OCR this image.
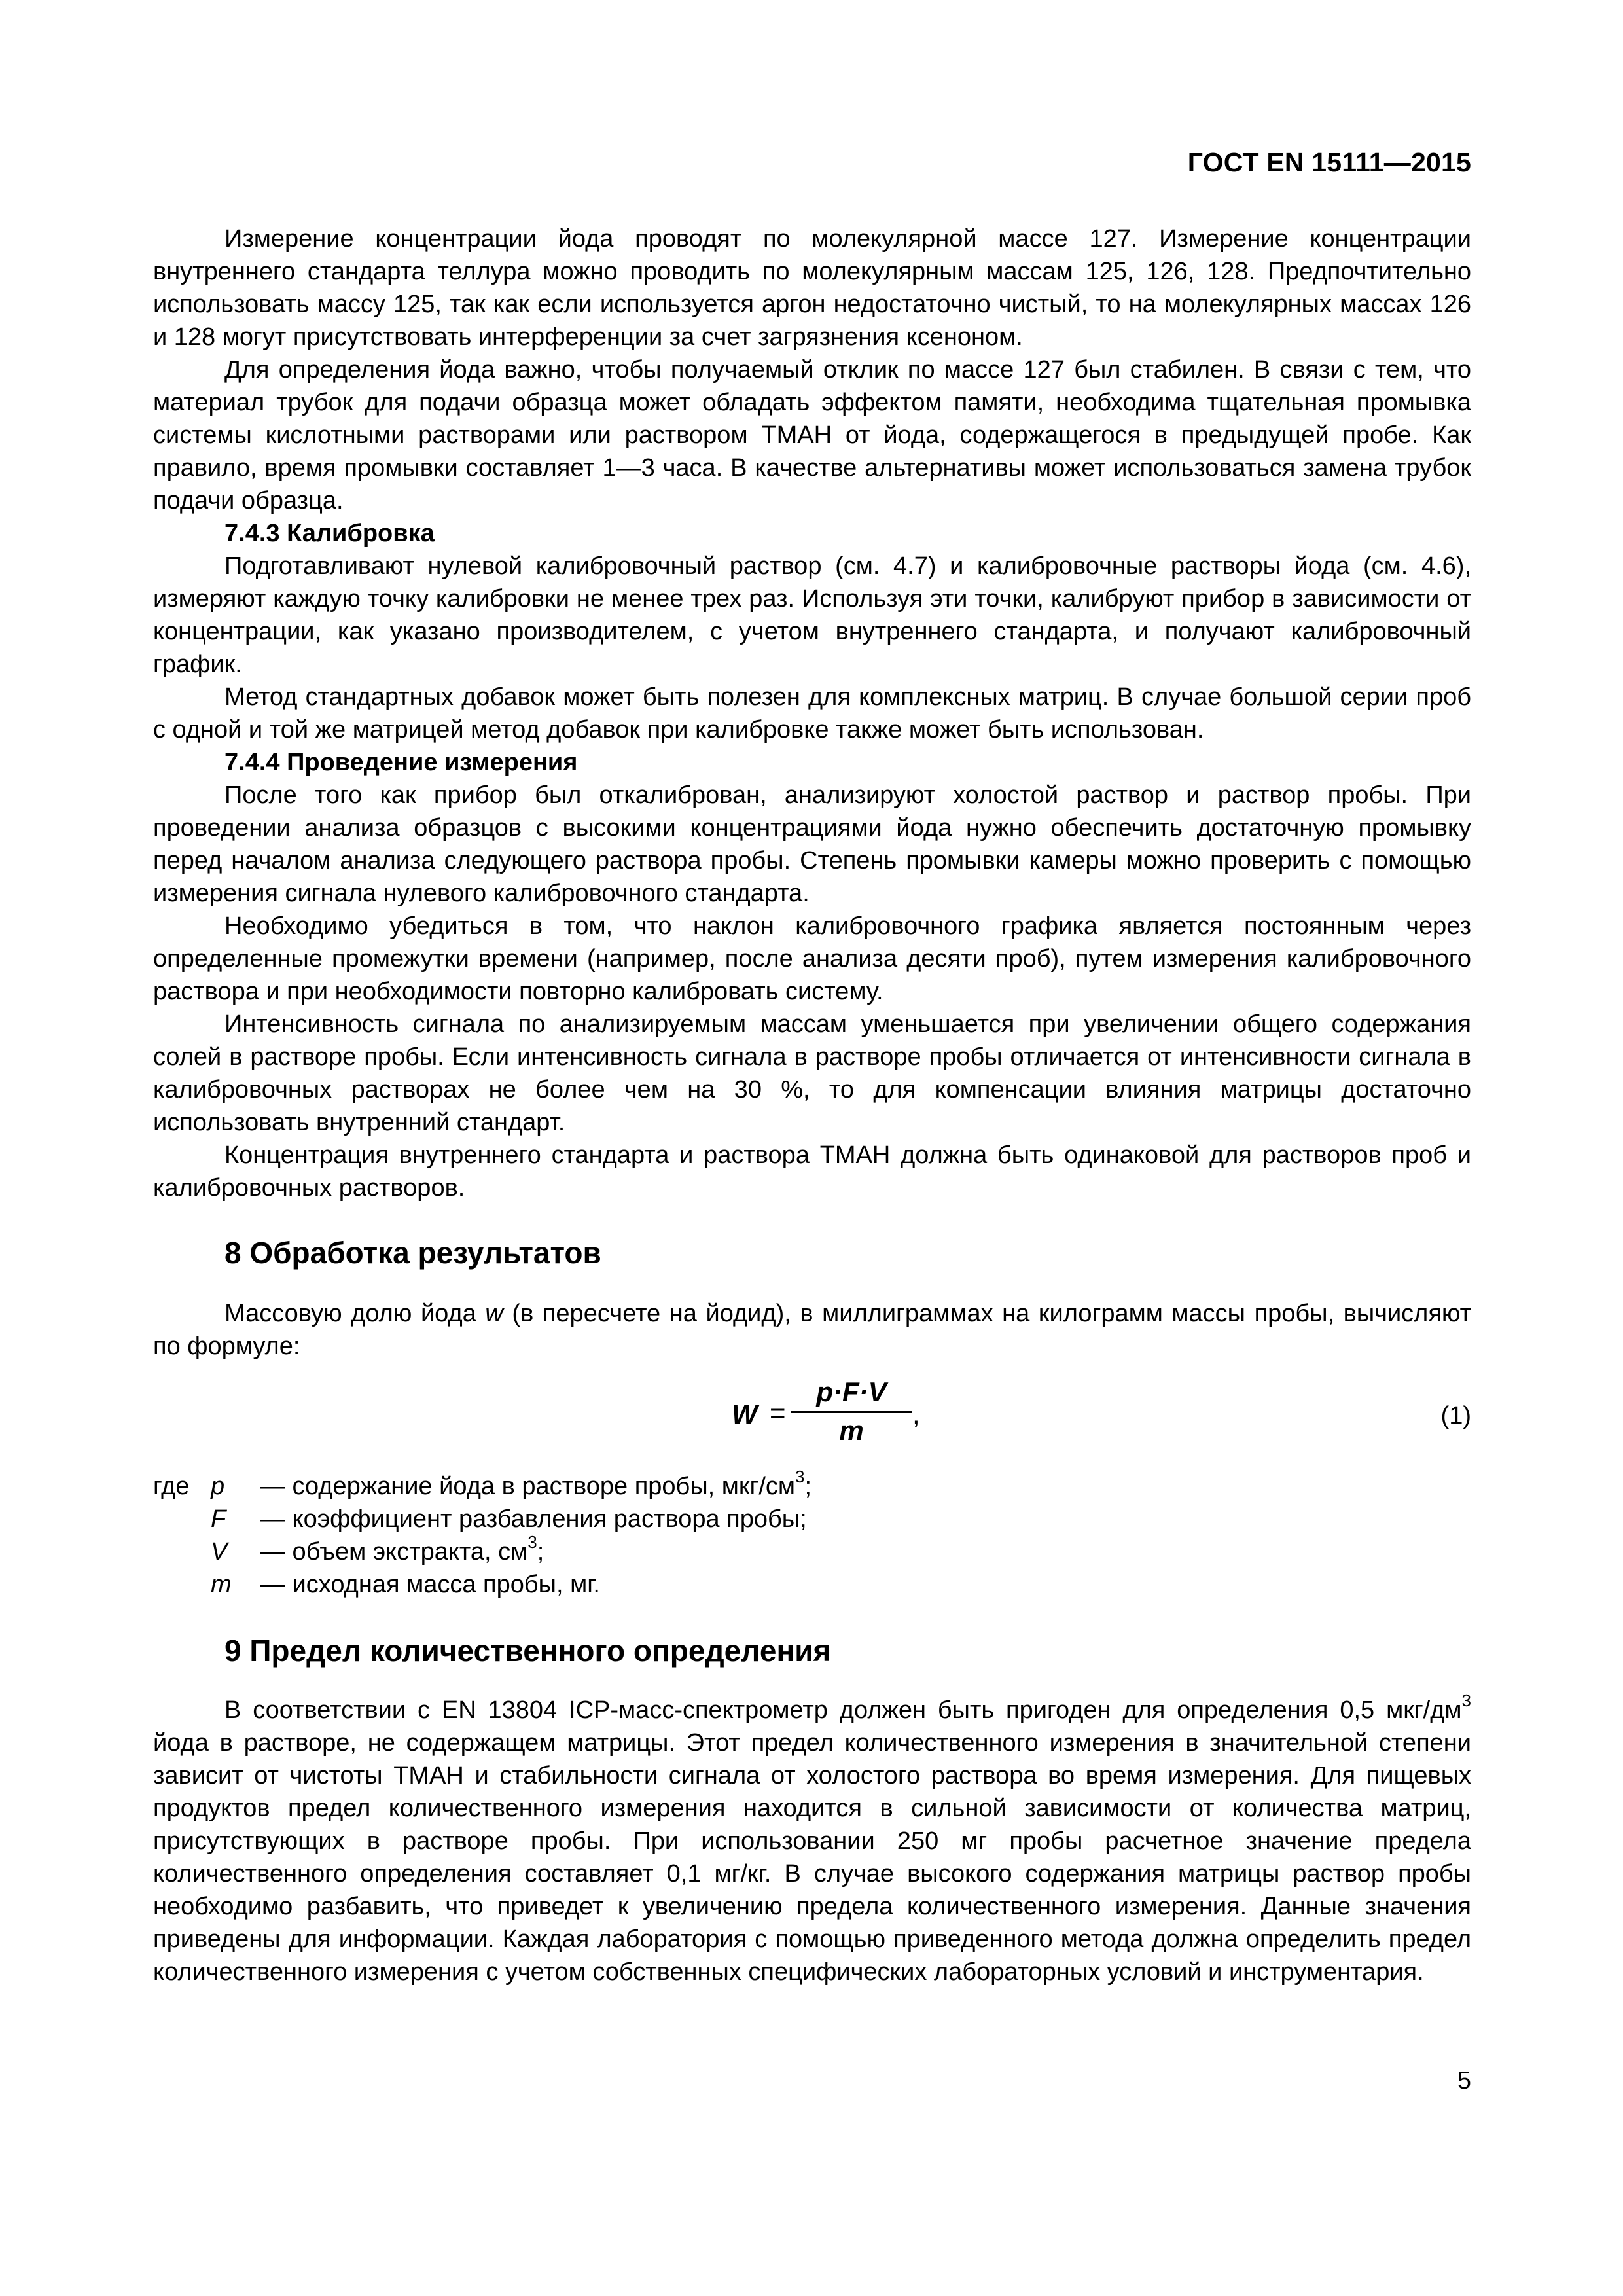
ГОСТ EN 15111—2015

Измерение концентрации йода проводят по молекулярной массе 127. Измерение концентрации внутреннего стандарта теллура можно проводить по молекулярным массам 125, 126, 128. Предпочтительно использовать массу 125, так как если используется аргон недостаточно чистый, то на молекулярных массах 126 и 128 могут присутствовать интерференции за счет загрязнения ксеноном.

Для определения йода важно, чтобы получаемый отклик по массе 127 был стабилен. В связи с тем, что материал трубок для подачи образца может обладать эффектом памяти, необходима тщательная промывка системы кислотными растворами или раствором ТМАН от йода, содержащегося в предыдущей пробе. Как правило, время промывки составляет 1—3 часа. В качестве альтернативы может использоваться замена трубок подачи образца.

7.4.3 Калибровка

Подготавливают нулевой калибровочный раствор (см. 4.7) и калибровочные растворы йода (см. 4.6), измеряют каждую точку калибровки не менее трех раз. Используя эти точки, калибруют прибор в зависимости от концентрации, как указано производителем, с учетом внутреннего стандарта, и получают калибровочный график.

Метод стандартных добавок может быть полезен для комплексных матриц. В случае большой серии проб с одной и той же матрицей метод добавок при калибровке также может быть использован.

7.4.4 Проведение измерения

После того как прибор был откалиброван, анализируют холостой раствор и раствор пробы. При проведении анализа образцов с высокими концентрациями йода нужно обеспечить достаточную промывку перед началом анализа следующего раствора пробы. Степень промывки камеры можно проверить с помощью измерения сигнала нулевого калибровочного стандарта.

Необходимо убедиться в том, что наклон калибровочного графика является постоянным через определенные промежутки времени (например, после анализа десяти проб), путем измерения калибровочного раствора и при необходимости повторно калибровать систему.

Интенсивность сигнала по анализируемым массам уменьшается при увеличении общего содержания солей в растворе пробы. Если интенсивность сигнала в растворе пробы отличается от интенсивности сигнала в калибровочных растворах не более чем на 30 %, то для компенсации влияния матрицы достаточно использовать внутренний стандарт.

Концентрация внутреннего стандарта и раствора ТМАН должна быть одинаковой для растворов проб и калибровочных растворов.

8 Обработка результатов

Массовую долю йода w (в пересчете на йодид), в миллиграммах на килограмм массы пробы, вычисляют по формуле:

W =
p·F·V
m
,	(1)
где p	— содержание йода в растворе пробы, мкг/$см^3$;
F	— коэффициент разбавления раствора пробы;
V	— объем экстракта, $см^3$;
m	— исходная масса пробы, мг.
9 Предел количественного определения

В соответствии с EN 13804 ICP-масс-спектрометр должен быть пригоден для определения 0,5 мкг/$дм^3$ йода в растворе, не содержащем матрицы. Этот предел количественного измерения в значительной степени зависит от чистоты ТМАН и стабильности сигнала от холостого раствора во время измерения. Для пищевых продуктов предел количественного измерения находится в сильной зависимости от количества матриц, присутствующих в растворе пробы. При использовании 250 мг пробы расчетное значение предела количественного определения составляет 0,1 мг/кг. В случае высокого содержания матрицы раствор пробы необходимо разбавить, что приведет к увеличению предела количественного измерения. Данные значения приведены для информации. Каждая лаборатория с помощью приведенного метода должна определить предел количественного измерения с учетом собственных специфических лабораторных условий и инструментария.

5
